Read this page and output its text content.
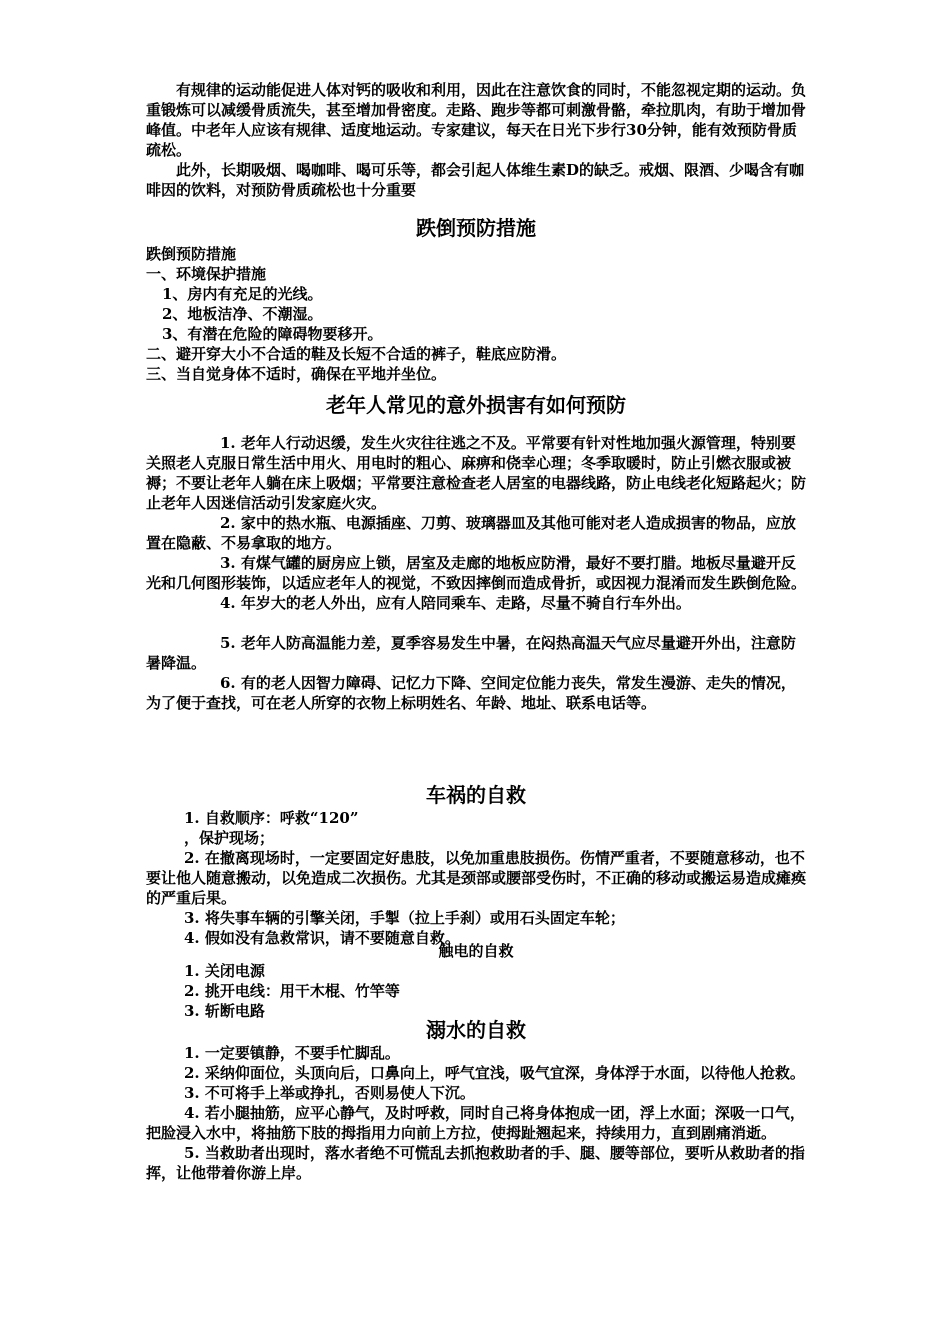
有规律的运动能促进人体对钙的吸收和利用，因此在注意饮食的同时，不能忽视定期的运动。负重锻炼可以减缓骨质流失，甚至增加骨密度。走路、跑步等都可刺激骨骼，牵拉肌肉，有助于增加骨峰值。中老年人应该有规律、适度地运动。专家建议，每天在日光下步行30分钟，能有效预防骨质疏松。

此外，长期吸烟、喝咖啡、喝可乐等，都会引起人体维生素D的缺乏。戒烟、限酒、少喝含有咖啡因的饮料，对预防骨质疏松也十分重要

跌倒预防措施

跌倒预防措施

一、环境保护措施

1、房内有充足的光线。

2、地板洁净、不潮湿。

3、有潜在危险的障碍物要移开。

二、避开穿大小不合适的鞋及长短不合适的裤子，鞋底应防滑。

三、当自觉身体不适时，确保在平地并坐位。

老年人常见的意外损害有如何预防

1. 老年人行动迟缓，发生火灾往往逃之不及。平常要有针对性地加强火源管理，特别要关照老人克服日常生活中用火、用电时的粗心、麻痹和侥幸心理；冬季取暖时，防止引燃衣服或被褥；不要让老年人躺在床上吸烟；平常要注意检查老人居室的电器线路，防止电线老化短路起火；防止老年人因迷信活动引发家庭火灾。

2. 家中的热水瓶、电源插座、刀剪、玻璃器皿及其他可能对老人造成损害的物品，应放置在隐蔽、不易拿取的地方。

3. 有煤气罐的厨房应上锁，居室及走廊的地板应防滑，最好不要打腊。地板尽量避开反光和几何图形装饰，以适应老年人的视觉，不致因摔倒而造成骨折，或因视力混淆而发生跌倒危险。

4. 年岁大的老人外出，应有人陪同乘车、走路，尽量不骑自行车外出。

5. 老年人防高温能力差，夏季容易发生中暑，在闷热高温天气应尽量避开外出，注意防暑降温。

6. 有的老人因智力障碍、记忆力下降、空间定位能力丧失，常发生漫游、走失的情况，为了便于查找，可在老人所穿的衣物上标明姓名、年龄、地址、联系电话等。

车祸的自救

1. 自救顺序：呼救“120”

，保护现场；

2. 在撤离现场时，一定要固定好患肢，以免加重患肢损伤。伤情严重者，不要随意移动，也不要让他人随意搬动，以免造成二次损伤。尤其是颈部或腰部受伤时，不正确的移动或搬运易造成瘫痪的严重后果。

3. 将失事车辆的引擎关闭，手掣（拉上手刹）或用石头固定车轮；

4. 假如没有急救常识，请不要随意自救。

触电的自救

1. 关闭电源

2. 挑开电线：用干木棍、竹竿等

3. 斩断电路

溺水的自救

1. 一定要镇静，不要手忙脚乱。

2. 采纳仰面位，头顶向后，口鼻向上，呼气宜浅，吸气宜深，身体浮于水面，以待他人抢救。

3. 不可将手上举或挣扎，否则易使人下沉。

4. 若小腿抽筋，应平心静气，及时呼救，同时自己将身体抱成一团，浮上水面；深吸一口气，把脸浸入水中，将抽筋下肢的拇指用力向前上方拉，使拇趾翘起来，持续用力，直到剧痛消逝。

5. 当救助者出现时，落水者绝不可慌乱去抓抱救助者的手、腿、腰等部位，要听从救助者的指挥，让他带着你游上岸。
